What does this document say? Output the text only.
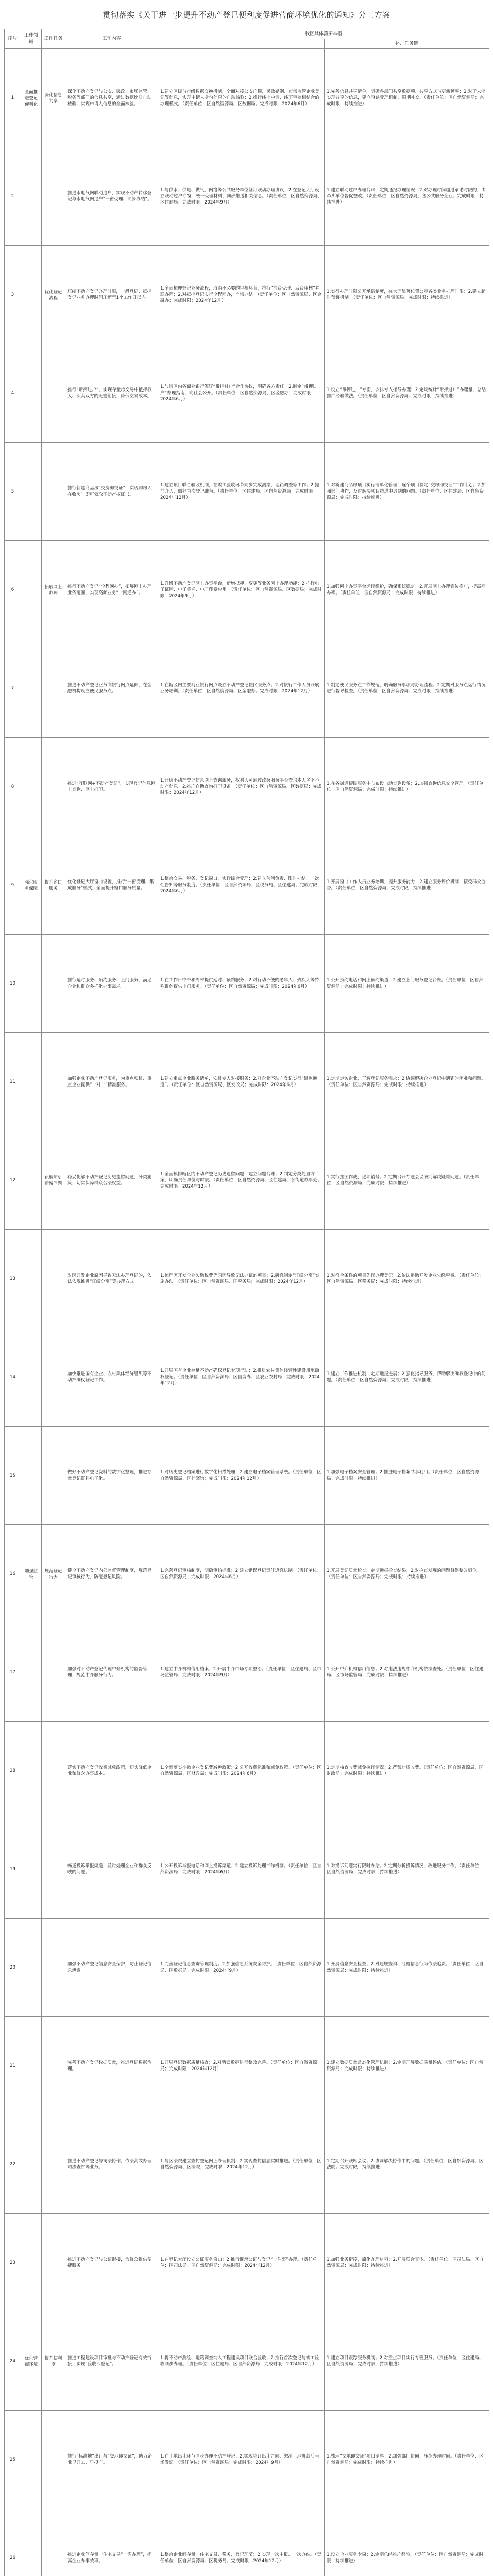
贯彻落实《关于进一步提升不动产登记便利度促进营商环境优化的通知》分工方案
序号	工作领域	工作任务	工作内容	我区具体落实举措	
					补、任务链
1	全面推进登记便利化	深化信息共享	深化不动产登记与公安、民政、市场监管、税务等部门的信息共享，通过数据比对自动核验，实现申请人信息的全面核验。	1.建立区级与市级数据交换机制，全面对接公安户籍、民政婚姻、市场监管企业登记等信息，实现申请人身份信息的自动核验；2.推行线上申请、线下审核相结合的办理模式。（责任单位：区自然资源局、区数据局；完成时限：2024年6月）	1.完善信息共享清单，明确各部门共享数据项、共享方式与更新频率；2.对于未能实现共享的信息，建立容缺受理机制，限期补交。（责任单位：区自然资源局；完成时限：持续推进）
2			推进水电气网联动过户，实现不动产转移登记与水电气网过户“一窗受理、同步办结”。	1.与供水、供电、供气、网络等公共服务单位签订联动办理协议；2.在登记大厅设立联动过户专窗，统一受理材料，同步推送相关信息。（责任单位：区自然资源局、区住建局；完成时限：2024年9月）	1.建立联动过户办理台账，定期通报办理情况；2.对办理时间超过承诺时限的，由牵头单位督促整改。（责任单位：区自然资源局、各公共服务企业；完成时限：持续推进）
3		优化登记流程	压缩不动产登记办理时限，一般登记、抵押登记业务办理时间压缩至1个工作日以内。	1.全面梳理登记业务流程，取消不必要的审核环节，推行“前台受理、后台审核”并联办理；2.对抵押登记实行全程网办，当场办结。（责任单位：区自然资源局、区金融办；完成时限：2024年12月）	1.实行办理时限公开承诺制度，在大厅显著位置公示各类业务办理时限；2.建立超时预警机制。（责任单位：区自然资源局；完成时限：持续推进）
4			推行“带押过户”，实现存量房交易中抵押权人、买卖双方的无缝衔接，降低交易成本。	1.与辖区内各商业银行签订“带押过户”合作协议，明确各方责任；2.制定“带押过户”办理指南，向社会公开。（责任单位：区自然资源局、区金融办；完成时限：2024年6月）	1.设立“带押过户”专窗，安排专人指导办理；2.定期统计“带押过户”办理量，总结推广经验做法。（责任单位：区自然资源局；完成时限：持续推进）
5			推行新建商品房“交房即交证”，实现购房人在收房时即可领取不动产权证书。	1.建立项目联合验收机制，在竣工验收环节同步完成测绘、地籍调查等工作；2.提前介入，做好首次登记准备。（责任单位：区住建局、区自然资源局；完成时限：2024年12月）	1.对新建商品房项目实行清单化管理，逐个项目制定“交房即交证”工作计划；2.加强部门协作，及时解决项目推进中遇到的问题。（责任单位：区住建局、区自然资源局；完成时限：持续推进）
6		拓展网上办理	推行不动产登记“全程网办”，拓展网上办理业务范围，实现高频业务“一网通办”。	1.升级不动产登记网上办事平台，新增抵押、变更等业务网上办理功能；2.推行电子证照、电子签名、电子印章应用。（责任单位：区自然资源局、区数据局；完成时限：2024年9月）	1.加强网上办事平台运行维护，确保系统稳定；2.开展网上办理宣传推广，提高网办率。（责任单位：区自然资源局；完成时限：持续推进）
7			推进不动产登记业务向银行网点延伸，在金融机构设立便民服务点。	1.在辖区内主要商业银行网点设立不动产登记便民服务点；2.对银行工作人员开展业务培训。（责任单位：区自然资源局、区金融办；完成时限：2024年12月）	1.制定便民服务点工作规范，明确服务事项与办理流程；2.定期对服务点运行情况进行督导检查。（责任单位：区自然资源局；完成时限：持续推进）
8			推进“互联网+不动产登记”，实现登记信息网上查询、网上打印。	1.开通不动产登记信息网上查询服务，权利人可通过政务服务平台查询本人名下不动产信息；2.推广自助查询打印设备。（责任单位：区自然资源局、区数据局；完成时限：2024年12月）	1.在各街道便民服务中心布设自助查询设备；2.加强查询信息安全管理。（责任单位：区自然资源局；完成时限：持续推进）
9	强化服务保障	提升窗口服务	优化登记大厅窗口设置，推行“一窗受理、集成服务”模式，全面提升窗口服务质量。	1.整合交易、税务、登记窗口，实行综合受理；2.建立首问负责、限时办结、一次性告知等服务制度。（责任单位：区自然资源局、区税务局、区住建局；完成时限：2024年6月）	1.开展窗口工作人员业务培训，提升服务能力；2.建立服务评价机制，接受群众监督。（责任单位：区自然资源局；完成时限：持续推进）
10			推行延时服务、预约服务、上门服务，满足企业和群众多样化办事需求。	1.在工作日中午和周末提供延时、预约服务；2.对行动不便的老年人、残疾人等特殊群体提供上门服务。（责任单位：区自然资源局；完成时限：2024年6月）	1.公开预约电话和网上预约渠道；2.建立上门服务登记台账。（责任单位：区自然资源局；完成时限：持续推进）
11			加强企业不动产登记服务，为重点项目、重点企业提供“一对一”精准服务。	1.建立重点企业服务清单，安排专人对接服务；2.对企业不动产登记实行“绿色通道”。（责任单位：区自然资源局、区发改局；完成时限：2024年6月）	1.定期走访企业，了解登记服务需求；2.协调解决企业登记中遇到的困难和问题。（责任单位：区自然资源局；完成时限：持续推进）
12		化解历史遗留问题	稳妥化解不动产登记历史遗留问题，分类施策，切实保障群众合法权益。	1.全面摸排辖区内不动产登记历史遗留问题，建立问题台账；2.制定分类处置方案，明确责任单位与时限。（责任单位：区自然资源局、区住建局、各街道办事处；完成时限：2024年12月）	1.实行挂图作战，逐项销号；2.定期召开专题会议研究解决疑难问题。（责任单位：区自然资源局；完成时限：持续推进）
13			对因开发企业原因导致无法办理登记的，依法依规推进“证缴分离”等办理方式。	1.梳理因开发企业欠缴税费等原因导致无法办证的项目；2.研究制定“证缴分离”实施办法。（责任单位：区自然资源局、区税务局；完成时限：2024年12月）	1.对符合条件的项目先行办理登记；2.依法追缴开发企业欠缴税费。（责任单位：区自然资源局、区税务局；完成时限：持续推进）
14			加快推进国有企业、农村集体经济组织等不动产确权登记工作。	1.开展国有企业存量不动产确权登记专项行动；2.推进农村集体经营性建设用地确权登记。（责任单位：区自然资源局、区国资办、区农业农村局；完成时限：2024年12月）	1.建立工作推进机制，定期通报进展；2.强化指导服务，帮助解决确权登记中的问题。（责任单位：区自然资源局；完成时限：持续推进）
15			做好不动产登记资料的数字化整理，推进存量登记资料电子化。	1.对历史登记档案进行数字化扫描处理；2.建立电子档案管理系统。（责任单位：区自然资源局、区档案馆；完成时限：2024年12月）	1.加强电子档案安全管理；2.推进电子档案共享利用。（责任单位：区自然资源局；完成时限：持续推进）
16	加强监管	规范登记行为	健全不动产登记内部监督管理制度，规范登记审核行为，防范登记风险。	1.完善登记审核制度，明确审核标准；2.建立错误登记责任追究机制。（责任单位：区自然资源局；完成时限：2024年6月）	1.开展登记质量检查，定期通报检查结果；2.对检查发现的问题督促整改到位。（责任单位：区自然资源局；完成时限：持续推进）
17			加强对不动产登记代理中介机构的监督管理，规范中介服务行为。	1.建立中介机构信用档案；2.开展中介市场专项整治。（责任单位：区住建局、区市场监管局；完成时限：2024年9月）	1.公开中介机构信用信息；2.对违法违规中介机构依法查处。（责任单位：区住建局、区市场监管局；完成时限：持续推进）
18			落实不动产登记收费减免政策，切实降低企业和群众办事成本。	1.全面落实小微企业登记费减免政策；2.公开收费标准和减免政策。（责任单位：区自然资源局、区财政局；完成时限：2024年6月）	1.定期核查收费减免执行情况；2.严禁违规收费。（责任单位：区自然资源局、区财政局；完成时限：持续推进）
19			畅通投诉举报渠道，及时处理企业和群众反映的问题。	1.公开投诉举报电话和网上投诉渠道；2.建立投诉处理工作机制。（责任单位：区自然资源局；完成时限：2024年6月）	1.对投诉问题实行限时办结；2.定期分析投诉情况，改进服务工作。（责任单位：区自然资源局；完成时限：持续推进）
20			加强不动产登记信息安全保护，防止登记信息泄露。	1.完善登记信息查询管理制度；2.加强信息系统安全防护。（责任单位：区自然资源局、区数据局；完成时限：2024年9月）	1.开展信息安全检查；2.对违规查询、泄露信息行为依法追责。（责任单位：区自然资源局；完成时限：持续推进）
21			完善不动产登记数据质量，推进登记数据治理。	1.开展登记数据质量核查；2.对错误数据进行整改完善。（责任单位：区自然资源局；完成时限：2024年12月）	1.建立数据质量常态化管理机制；2.定期开展数据质量评估。（责任单位：区自然资源局；完成时限：持续推进）
22			推进不动产登记与司法协作，依法高效办理司法查封等业务。	1.与区法院建立查封登记网上办理机制；2.实现查封信息实时推送。（责任单位：区自然资源局、区法院；完成时限：2024年12月）	1.定期召开联席会议；2.协调解决协作中的问题。（责任单位：区自然资源局、区法院；完成时限：持续推进）
23			推进不动产登记与公证衔接，为群众提供便捷服务。	1.在登记大厅设立公证服务窗口；2.推行继承公证与登记“一件事”办理。（责任单位：区司法局、区自然资源局；完成时限：2024年12月）	1.加强业务衔接，简化办理材料；2.开展联合宣传。（责任单位：区司法局、区自然资源局；完成时限：持续推进）
24	优化营商环境	提升便利度	推进工程建设项目审批与不动产登记有效衔接，实现“验收即登记”。	1.将不动产测绘、地籍调查纳入工程建设项目联合验收；2.推行首次登记与竣工验收同步办理。（责任单位：区住建局、区自然资源局；完成时限：2024年12月）	1.建立项目跟踪服务机制；2.对重点项目实行专班服务。（责任单位：区住建局、区自然资源局；完成时限：持续推进）
25			推行“标准地”出让与“交地即交证”，助力企业早开工、早投产。	1.在土地出让环节同步办理不动产登记；2.实现签订出让合同、缴清土地价款后当场发证。（责任单位：区自然资源局；完成时限：2024年9月）	1.梳理“交地即交证”项目清单；2.加强部门协同，压缩办理时间。（责任单位：区自然资源局；完成时限：持续推进）
26			推进企业间存量非住宅交易“一窗办理”，提高企业办事效率。	1.整合企业间存量非住宅交易、税务、登记环节；2.实现一次申报、一次办结。（责任单位：区自然资源局、区税务局；完成时限：2024年12月）	1.设立企业服务专窗；2.定期总结推广经验。（责任单位：区自然资源局；完成时限：持续推进）
